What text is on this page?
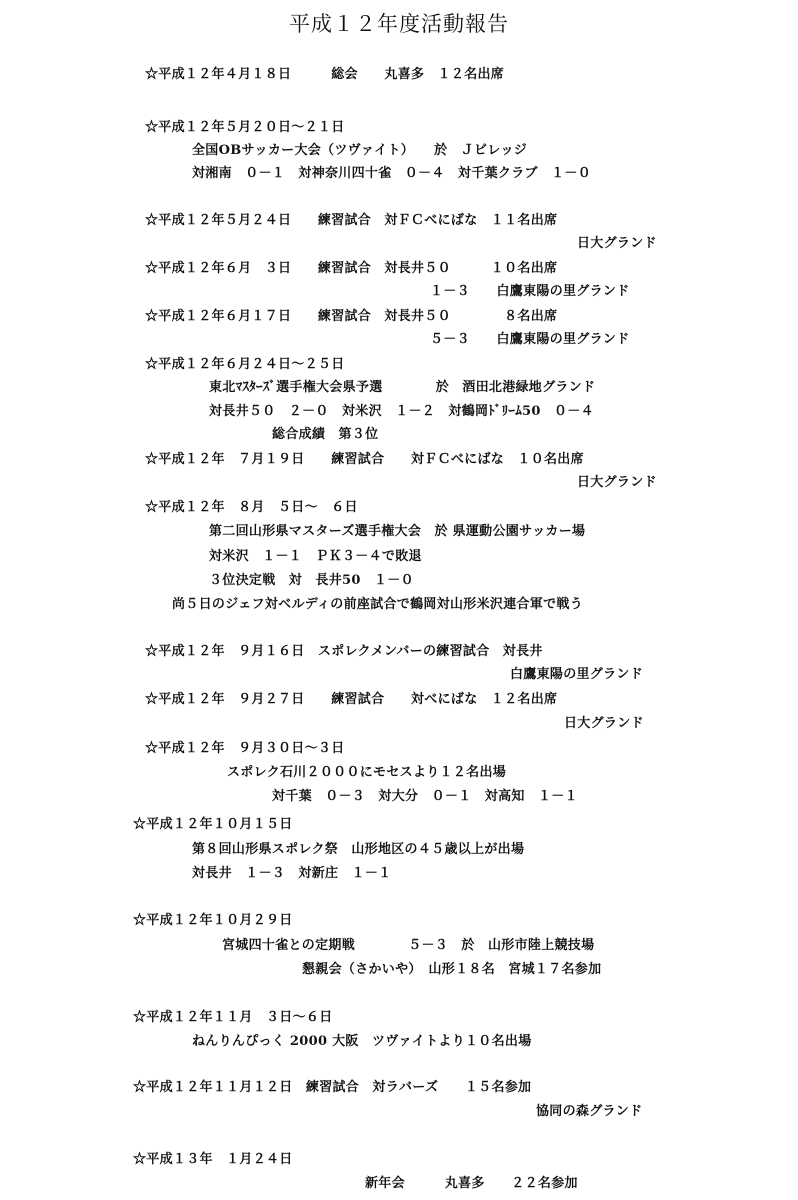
平成１２年度活動報告
☆平成１２年４月１８日　　　総会　　丸喜多　１２名出席
☆平成１２年５月２０日～２１日
全国OBサッカー大会（ツヴァイト）　　於　Ｊビレッジ
対湘南　０－１　対神奈川四十雀　０－４　対千葉クラブ　１－０
☆平成１２年５月２４日　　練習試合　対ＦＣべにばな　１１名出席
日大グランド
☆平成１２年６月　３日　　練習試合　対長井５０　　　１０名出席
１－３　　白鷹東陽の里グランド
☆平成１２年６月１７日　　練習試合　対長井５０　　　　８名出席
５－３　　白鷹東陽の里グランド
☆平成１２年６月２４日～２５日
東北ﾏｽﾀｰｽﾞ選手権大会県予選　　　　於　酒田北港緑地グランド
対長井５０　２－０　対米沢　１－２　対鶴岡ﾄﾞﾘｰﾑ50　０－４
総合成績　第３位
☆平成１２年　７月１９日　　練習試合　　対ＦＣべにばな　１０名出席
日大グランド
☆平成１２年　８月　５日～　６日
第二回山形県マスターズ選手権大会　於 県運動公園サッカー場
対米沢　１－１　ＰＫ３－４で敗退
３位決定戦　対　長井50　１－０
尚５日のジェフ対ベルディの前座試合で鶴岡対山形米沢連合軍で戦う
☆平成１２年　９月１６日　スポレクメンバーの練習試合　対長井
白鷹東陽の里グランド
☆平成１２年　９月２７日　　練習試合　　対べにばな　１２名出席
日大グランド
☆平成１２年　９月３０日～３日
スポレク石川２０００にモセスより１２名出場
対千葉　０－３　対大分　０－１　対高知　１－１
☆平成１２年１０月１５日
第８回山形県スポレク祭　山形地区の４５歳以上が出場
対長井　１－３　対新庄　１－１
☆平成１２年１０月２９日
宮城四十雀との定期戦　　　　５－３　於　山形市陸上競技場
懇親会（さかいや）　山形１８名　宮城１７名参加
☆平成１２年１１月　３日～６日
ねんりんぴっく 2000 大阪　ツヴァイトより１０名出場
☆平成１２年１１月１２日　練習試合　対ラバーズ　　１５名参加
協同の森グランド
☆平成１３年　１月２４日
新年会　　　丸喜多　　２２名参加
